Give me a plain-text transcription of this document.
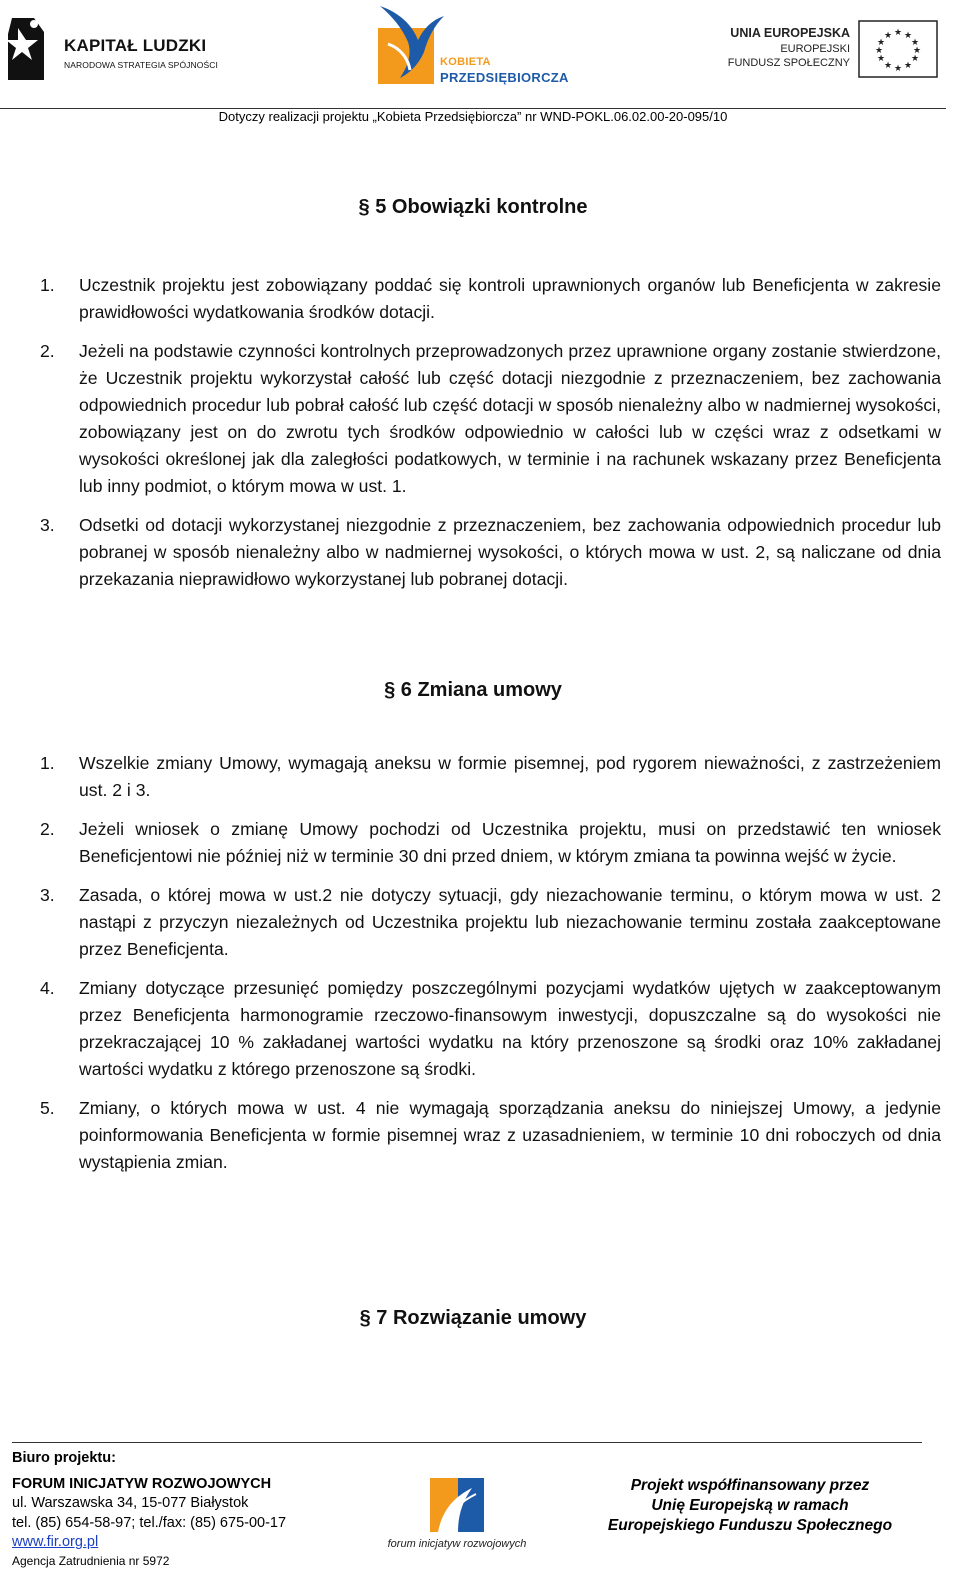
KAPITAŁ LUDZKI
NARODOWA STRATEGIA SPÓJNOŚCI	KOBIETA
PRZEDSIĘBIORCZA
UNIA EUROPEJSKA
EUROPEJSKI
FUNDUSZ SPOŁECZNY
★ ★
★
★
★
★
★
★
★
★
★
★
Dotyczy realizacji projektu „Kobieta Przedsiębiorcza” nr WND-POKL.06.02.00-20-095/10
§ 5 Obowiązki kontrolne
1. Uczestnik projektu jest zobowiązany poddać się kontroli uprawnionych organów lub Beneficjenta w zakresie prawidłowości wydatkowania środków dotacji.
2. Jeżeli na podstawie czynności kontrolnych przeprowadzonych przez uprawnione organy zostanie stwierdzone, że Uczestnik projektu wykorzystał całość lub część dotacji niezgodnie z przeznaczeniem, bez zachowania odpowiednich procedur lub pobrał całość lub część dotacji w sposób nienależny albo w nadmiernej wysokości, zobowiązany jest on do zwrotu tych środków odpowiednio w całości lub w części wraz z odsetkami w wysokości określonej jak dla zaległości podatkowych, w terminie i na rachunek wskazany przez Beneficjenta lub inny podmiot, o którym mowa w ust. 1.
3. Odsetki od dotacji wykorzystanej niezgodnie z przeznaczeniem, bez zachowania odpowiednich procedur lub pobranej w sposób nienależny albo w nadmiernej wysokości, o których mowa w ust. 2, są naliczane od dnia przekazania nieprawidłowo wykorzystanej lub pobranej dotacji.
§ 6 Zmiana umowy
1. Wszelkie zmiany Umowy, wymagają aneksu w formie pisemnej, pod rygorem nieważności, z zastrzeżeniem ust. 2 i 3.
2. Jeżeli wniosek o zmianę Umowy pochodzi od Uczestnika projektu, musi on przedstawić ten wniosek Beneficjentowi nie później niż w terminie 30 dni przed dniem, w którym zmiana ta powinna wejść w życie.
3. Zasada, o której mowa w ust.2 nie dotyczy sytuacji, gdy niezachowanie terminu, o którym mowa w ust. 2 nastąpi z przyczyn niezależnych od Uczestnika projektu lub niezachowanie terminu została zaakceptowane przez Beneficjenta.
4. Zmiany dotyczące przesunięć pomiędzy poszczególnymi pozycjami wydatków ujętych w zaakceptowanym przez Beneficjenta harmonogramie rzeczowo-finansowym inwestycji, dopuszczalne są do wysokości nie przekraczającej 10 % zakładanej wartości wydatku na który przenoszone są środki oraz 10% zakładanej wartości wydatku z którego przenoszone są środki.
5. Zmiany, o których mowa w ust. 4 nie wymagają sporządzania aneksu do niniejszej Umowy, a jedynie poinformowania Beneficjenta w formie pisemnej wraz z uzasadnieniem, w terminie 10 dni roboczych od dnia wystąpienia zmian.
§ 7 Rozwiązanie umowy
Biuro projektu:
FORUM INICJATYW ROZWOJOWYCH
ul. Warszawska 34, 15-077 Białystok
tel. (85) 654-58-97; tel./fax: (85) 675-00-17
www.fir.org.pl
Agencja Zatrudnienia nr 5972
forum inicjatyw rozwojowych
Projekt współfinansowany przez
Unię Europejską w ramach
Europejskiego Funduszu Społecznego
